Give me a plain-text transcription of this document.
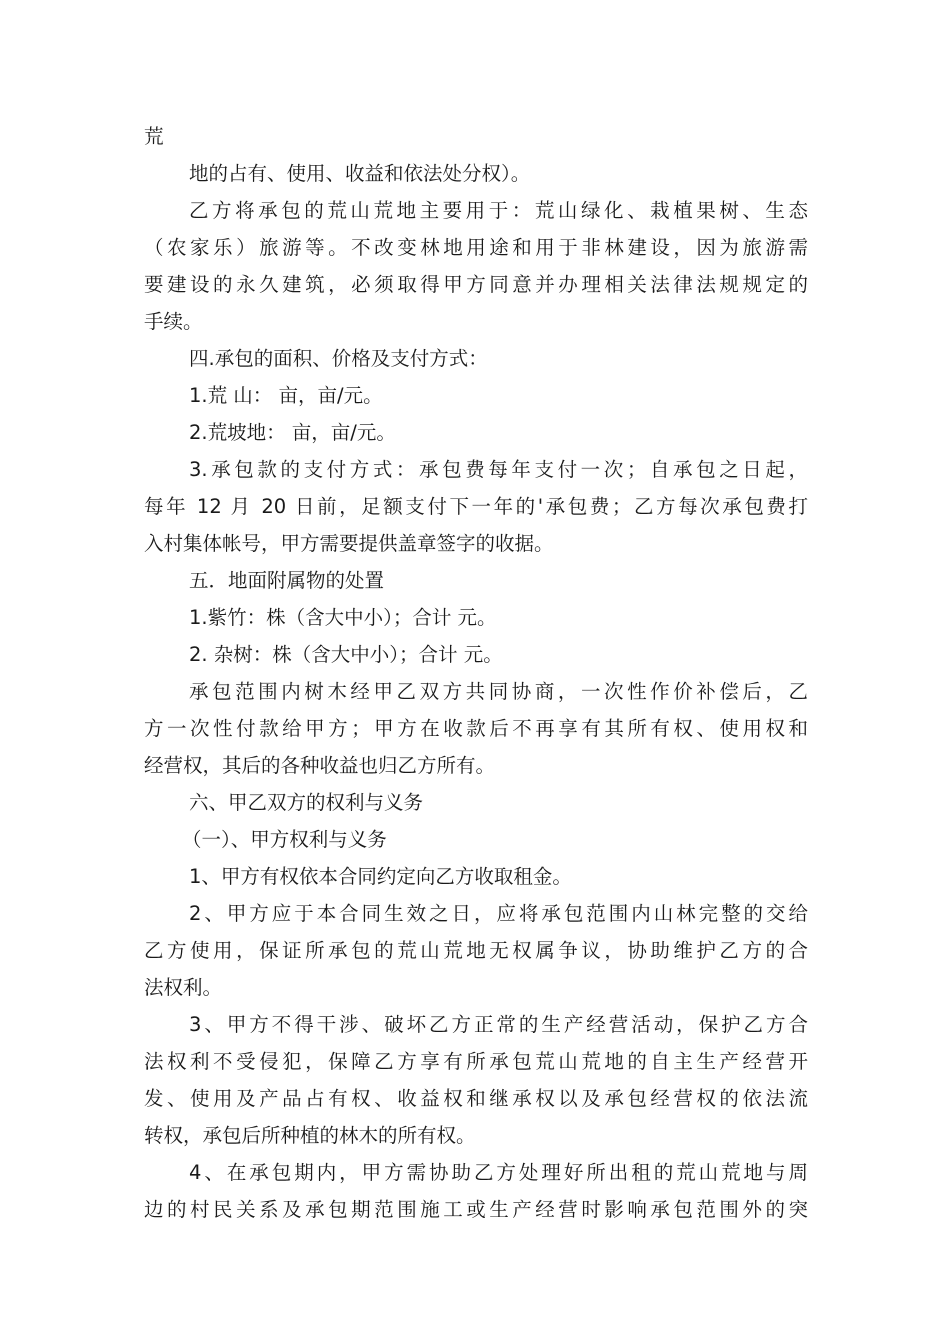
荒
地的占有、使用、收益和依法处分权）。
乙方将承包的荒山荒地主要用于：荒山绿化、栽植果树、生态
（农家乐）旅游等。不改变林地用途和用于非林建设，因为旅游需
要建设的永久建筑，必须取得甲方同意并办理相关法律法规规定的
手续。
四.承包的面积、价格及支付方式：
1.荒 山： 亩，亩/元。
2.荒坡地： 亩，亩/元。
3.承包款的支付方式：承包费每年支付一次；自承包之日起，
每年 12 月 20 日前，足额支付下一年的'承包费；乙方每次承包费打
入村集体帐号，甲方需要提供盖章签字的收据。
五．地面附属物的处置
1.紫竹：株（含大中小）；合计 元。
2. 杂树：株（含大中小）；合计 元。
承包范围内树木经甲乙双方共同协商，一次性作价补偿后，乙
方一次性付款给甲方；甲方在收款后不再享有其所有权、使用权和
经营权，其后的各种收益也归乙方所有。
六、甲乙双方的权利与义务
（一）、甲方权利与义务
1、甲方有权依本合同约定向乙方收取租金。
2、甲方应于本合同生效之日，应将承包范围内山林完整的交给
乙方使用，保证所承包的荒山荒地无权属争议，协助维护乙方的合
法权利。
3、甲方不得干涉、破坏乙方正常的生产经营活动，保护乙方合
法权利不受侵犯，保障乙方享有所承包荒山荒地的自主生产经营开
发、使用及产品占有权、收益权和继承权以及承包经营权的依法流
转权，承包后所种植的林木的所有权。
4、在承包期内，甲方需协助乙方处理好所出租的荒山荒地与周
边的村民关系及承包期范围施工或生产经营时影响承包范围外的突
